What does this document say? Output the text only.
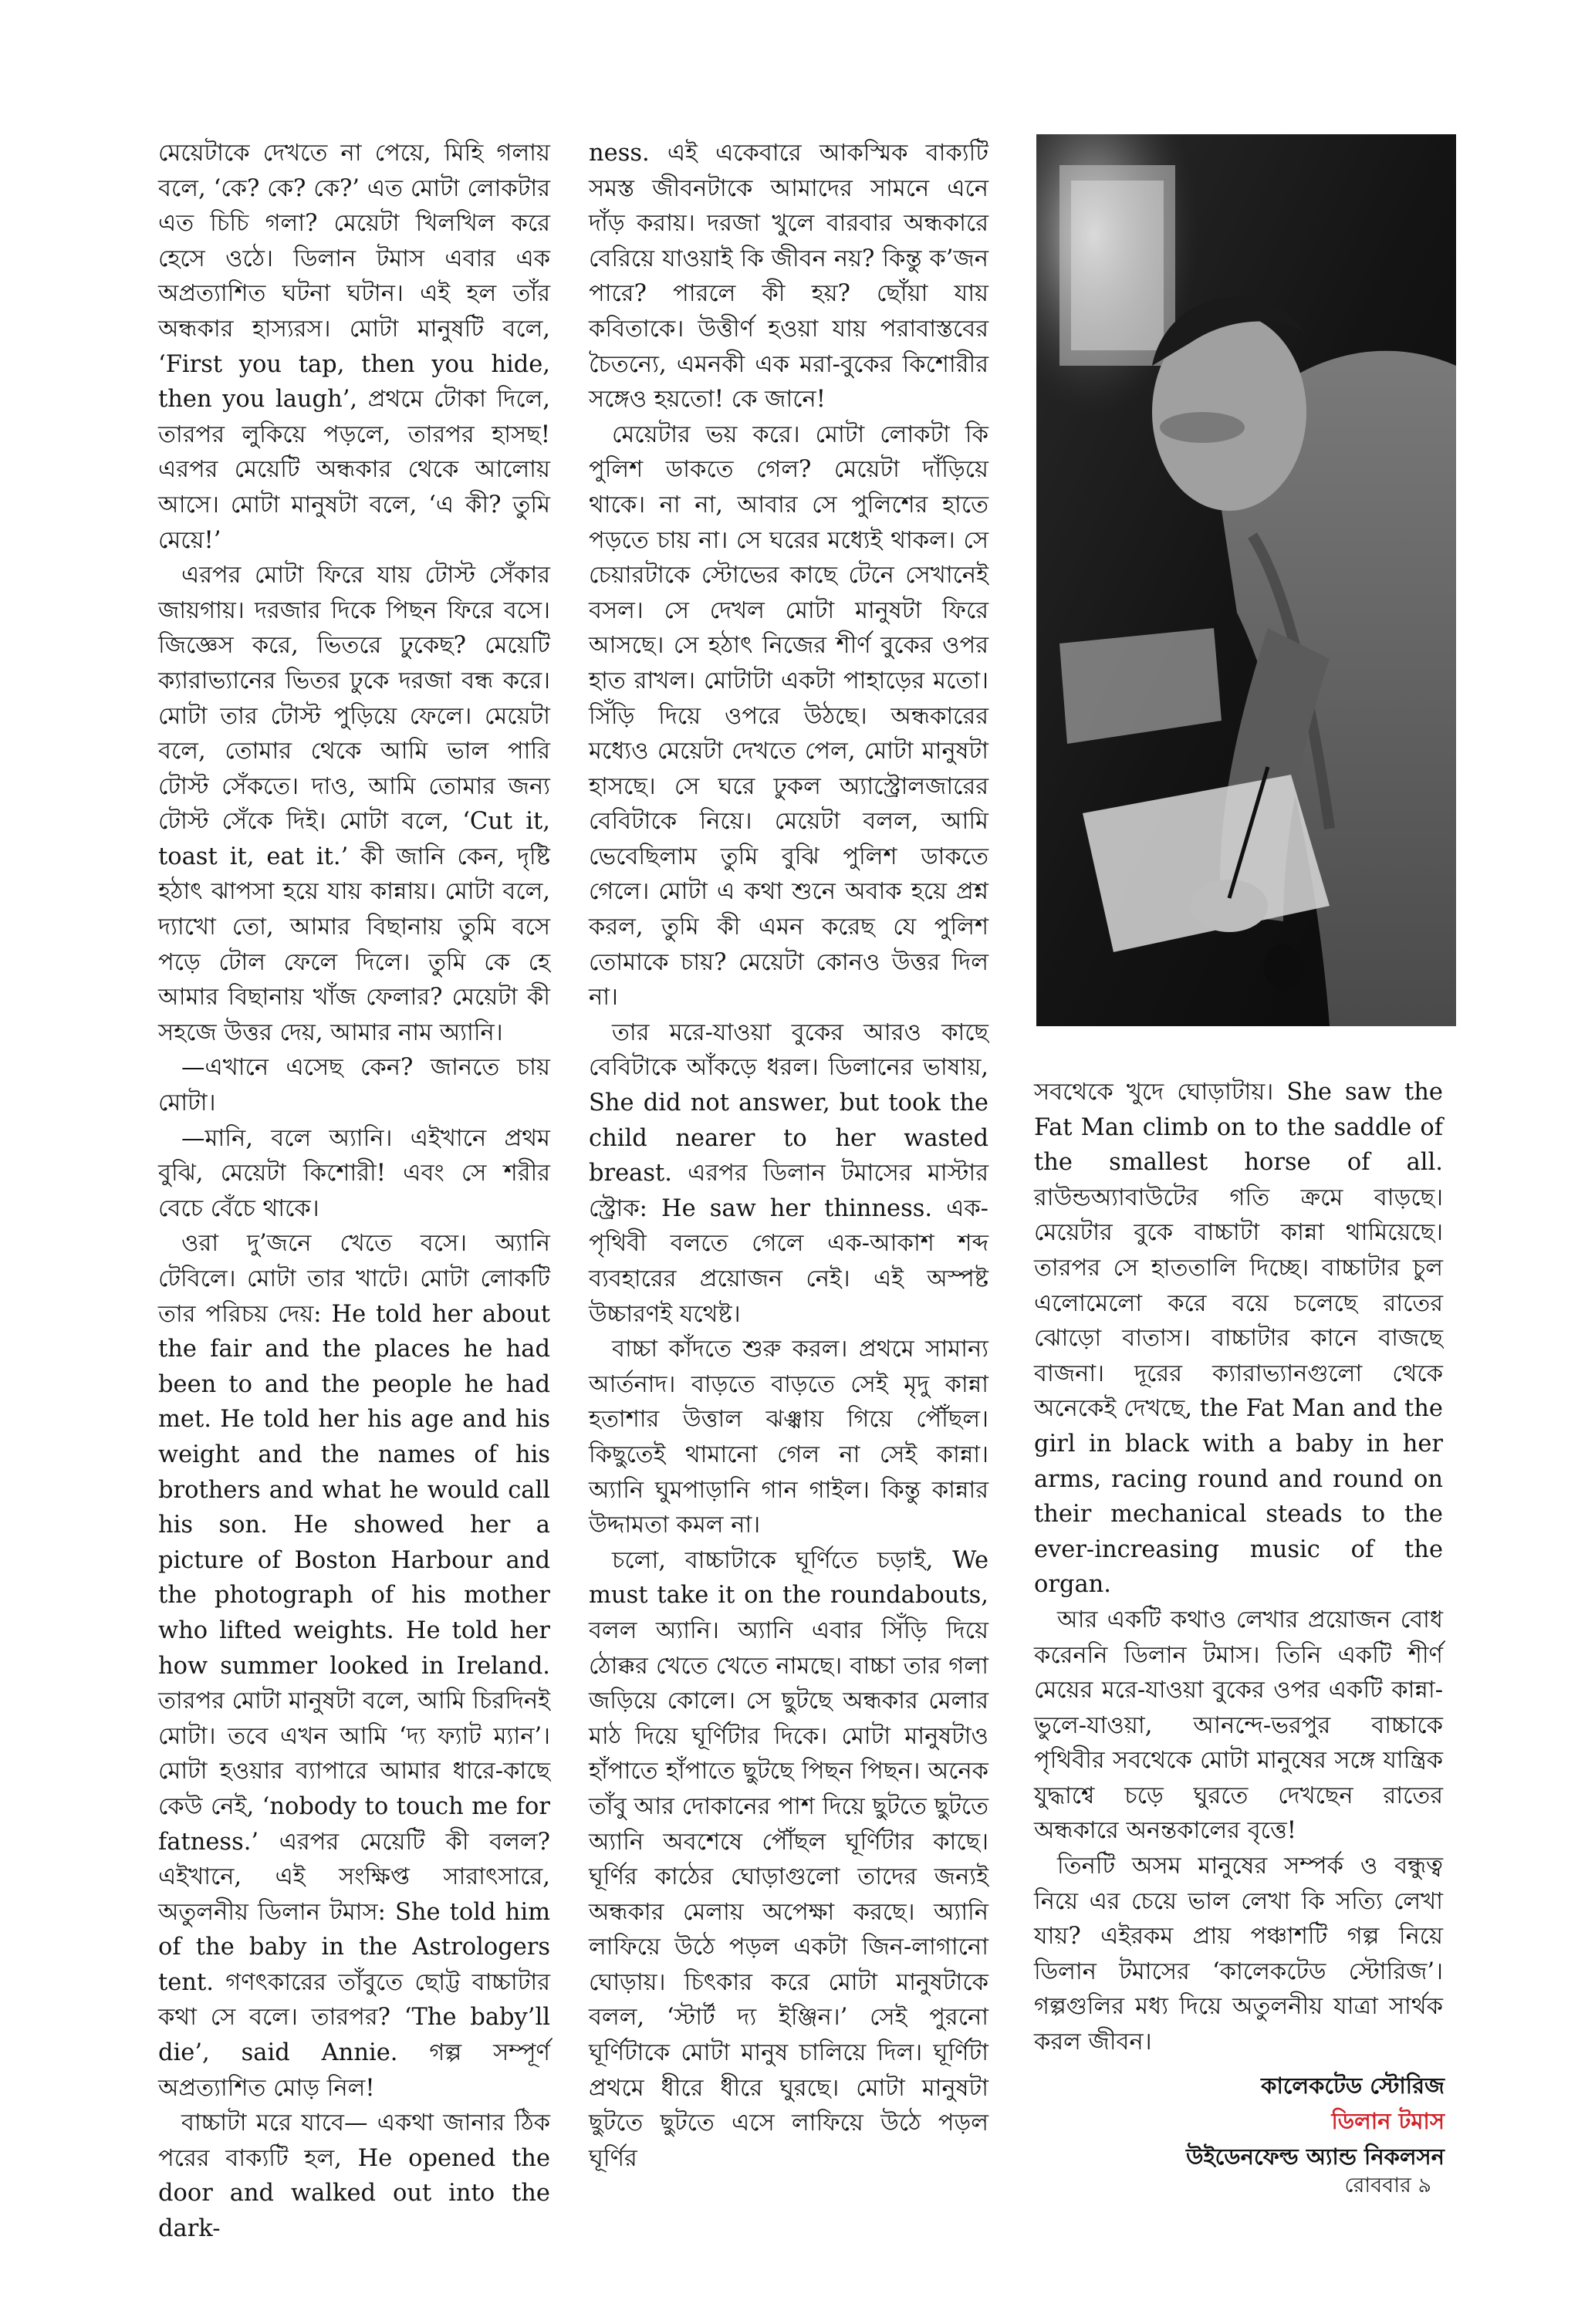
মেয়েটাকে দেখতে না পেয়ে, মিহি গলায় বলে, ‘কে? কে? কে?’ এত মোটা লোকটার এত চিচি গলা? মেয়েটা খিলখিল করে হেসে ওঠে। ডিলান টমাস এবার এক অপ্রত্যাশিত ঘটনা ঘটান। এই হল তাঁর অন্ধকার হাস্যরস। মোটা মানুষটি বলে, ‘First you tap, then you hide, then you laugh’, প্রথমে টোকা দিলে, তারপর লুকিয়ে পড়লে, তারপর হাসছ! এরপর মেয়েটি অন্ধকার থেকে আলোয় আসে। মোটা মানুষটা বলে, ‘এ কী? তুমি মেয়ে!’

এরপর মোটা ফিরে যায় টোস্ট সেঁকার জায়গায়। দরজার দিকে পিছন ফিরে বসে। জিজ্ঞেস করে, ভিতরে ঢুকেছ? মেয়েটি ক্যারাভ্যানের ভিতর ঢুকে দরজা বন্ধ করে। মোটা তার টোস্ট পুড়িয়ে ফেলে। মেয়েটা বলে, তোমার থেকে আমি ভাল পারি টোস্ট সেঁকতে। দাও, আমি তোমার জন্য টোস্ট সেঁকে দিই। মোটা বলে, ‘Cut it, toast it, eat it.’ কী জানি কেন, দৃষ্টি হঠাৎ ঝাপসা হয়ে যায় কান্নায়। মোটা বলে, দ্যাখো তো, আমার বিছানায় তুমি বসে পড়ে টোল ফেলে দিলে। তুমি কে হে আমার বিছানায় খাঁজ ফেলার? মেয়েটা কী সহজে উত্তর দেয়, আমার নাম অ্যানি।

—এখানে এসেছ কেন? জানতে চায় মোটা।

—মানি, বলে অ্যানি। এইখানে প্রথম বুঝি, মেয়েটা কিশোরী! এবং সে শরীর বেচে বেঁচে থাকে।

ওরা দু’জনে খেতে বসে। অ্যানি টেবিলে। মোটা তার খাটে। মোটা লোকটি তার পরিচয় দেয়: He told her about the fair and the places he had been to and the people he had met. He told her his age and his weight and the names of his brothers and what he would call his son. He showed her a picture of Boston Harbour and the photograph of his mother who lifted weights. He told her how summer looked in Ireland. তারপর মোটা মানুষটা বলে, আমি চিরদিনই মোটা। তবে এখন আমি ‘দ্য ফ্যাট ম্যান’। মোটা হওয়ার ব্যাপারে আমার ধারে-কাছে কেউ নেই, ‘nobody to touch me for fatness.’ এরপর মেয়েটি কী বলল? এইখানে, এই সংক্ষিপ্ত সারাৎসারে, অতুলনীয় ডিলান টমাস: She told him of the baby in the Astrologers tent. গণৎকারের তাঁবুতে ছোট্ট বাচ্চাটার কথা সে বলে। তারপর? ‘The baby’ll die’, said Annie. গল্প সম্পূর্ণ অপ্রত্যাশিত মোড় নিল!

বাচ্চাটা মরে যাবে— একথা জানার ঠিক পরের বাক্যটি হল, He opened the door and walked out into the dark-

ness. এই একেবারে আকস্মিক বাক্যটি সমস্ত জীবনটাকে আমাদের সামনে এনে দাঁড় করায়। দরজা খুলে বারবার অন্ধকারে বেরিয়ে যাওয়াই কি জীবন নয়? কিন্তু ক’জন পারে? পারলে কী হয়? ছোঁয়া যায় কবিতাকে। উত্তীর্ণ হওয়া যায় পরাবাস্তবের চৈতন্যে, এমনকী এক মরা-বুকের কিশোরীর সঙ্গেও হয়তো! কে জানে!

মেয়েটার ভয় করে। মোটা লোকটা কি পুলিশ ডাকতে গেল? মেয়েটা দাঁড়িয়ে থাকে। না না, আবার সে পুলিশের হাতে পড়তে চায় না। সে ঘরের মধ্যেই থাকল। সে চেয়ারটাকে স্টোভের কাছে টেনে সেখানেই বসল। সে দেখল মোটা মানুষটা ফিরে আসছে। সে হঠাৎ নিজের শীর্ণ বুকের ওপর হাত রাখল। মোটাটা একটা পাহাড়ের মতো। সিঁড়ি দিয়ে ওপরে উঠছে। অন্ধকারের মধ্যেও মেয়েটা দেখতে পেল, মোটা মানুষটা হাসছে। সে ঘরে ঢুকল অ্যাস্ট্রোলজারের বেবিটাকে নিয়ে। মেয়েটা বলল, আমি ভেবেছিলাম তুমি বুঝি পুলিশ ডাকতে গেলে। মোটা এ কথা শুনে অবাক হয়ে প্রশ্ন করল, তুমি কী এমন করেছ যে পুলিশ তোমাকে চায়? মেয়েটা কোনও উত্তর দিল না।

তার মরে-যাওয়া বুকের আরও কাছে বেবিটাকে আঁকড়ে ধরল। ডিলানের ভাষায়, She did not answer, but took the child nearer to her wasted breast. এরপর ডিলান টমাসের মাস্টার স্ট্রোক: He saw her thinness. এক-পৃথিবী বলতে গেলে এক-আকাশ শব্দ ব্যবহারের প্রয়োজন নেই। এই অস্পষ্ট উচ্চারণই যথেষ্ট।

বাচ্চা কাঁদতে শুরু করল। প্রথমে সামান্য আর্তনাদ। বাড়তে বাড়তে সেই মৃদু কান্না হতাশার উত্তাল ঝঞ্ঝায় গিয়ে পৌঁছল। কিছুতেই থামানো গেল না সেই কান্না। অ্যানি ঘুমপাড়ানি গান গাইল। কিন্তু কান্নার উদ্দামতা কমল না।

চলো, বাচ্চাটাকে ঘূর্ণিতে চড়াই, We must take it on the roundabouts, বলল অ্যানি। অ্যানি এবার সিঁড়ি দিয়ে ঠোক্কর খেতে খেতে নামছে। বাচ্চা তার গলা জড়িয়ে কোলে। সে ছুটছে অন্ধকার মেলার মাঠ দিয়ে ঘূর্ণিটার দিকে। মোটা মানুষটাও হাঁপাতে হাঁপাতে ছুটছে পিছন পিছন। অনেক তাঁবু আর দোকানের পাশ দিয়ে ছুটতে ছুটতে অ্যানি অবশেষে পৌঁছল ঘূর্ণিটার কাছে। ঘূর্ণির কাঠের ঘোড়াগুলো তাদের জন্যই অন্ধকার মেলায় অপেক্ষা করছে। অ্যানি লাফিয়ে উঠে পড়ল একটা জিন-লাগানো ঘোড়ায়। চিৎকার করে মোটা মানুষটাকে বলল, ‘স্টার্ট দ্য ইঞ্জিন।’ সেই পুরনো ঘূর্ণিটাকে মোটা মানুষ চালিয়ে দিল। ঘূর্ণিটা প্রথমে ধীরে ধীরে ঘুরছে। মোটা মানুষটা ছুটতে ছুটতে এসে লাফিয়ে উঠে পড়ল ঘূর্ণির

সবথেকে খুদে ঘোড়াটায়। She saw the Fat Man climb on to the saddle of the smallest horse of all. রাউন্ডঅ্যাবাউটের গতি ক্রমে বাড়ছে। মেয়েটার বুকে বাচ্চাটা কান্না থামিয়েছে। তারপর সে হাততালি দিচ্ছে। বাচ্চাটার চুল এলোমেলো করে বয়ে চলেছে রাতের ঝোড়ো বাতাস। বাচ্চাটার কানে বাজছে বাজনা। দূরের ক্যারাভ্যানগুলো থেকে অনেকেই দেখছে, the Fat Man and the girl in black with a baby in her arms, racing round and round on their mechanical steads to the ever-increasing music of the organ.

আর একটি কথাও লেখার প্রয়োজন বোধ করেননি ডিলান টমাস। তিনি একটি শীর্ণ মেয়ের মরে-যাওয়া বুকের ওপর একটি কান্না-ভুলে-যাওয়া, আনন্দে-ভরপুর বাচ্চাকে পৃথিবীর সবথেকে মোটা মানুষের সঙ্গে যান্ত্রিক যুদ্ধাশ্বে চড়ে ঘুরতে দেখছেন রাতের অন্ধকারে অনন্তকালের বৃত্তে!

তিনটি অসম মানুষের সম্পর্ক ও বন্ধুত্ব নিয়ে এর চেয়ে ভাল লেখা কি সত্যি লেখা যায়? এইরকম প্রায় পঞ্চাশটি গল্প নিয়ে ডিলান টমাসের ‘কালেকটেড স্টোরিজ’। গল্পগুলির মধ্য দিয়ে অতুলনীয় যাত্রা সার্থক করল জীবন।

কালেকটেড স্টোরিজ
ডিলান টমাস
উইডেনফেল্ড অ্যান্ড নিকলসন
রোববার ৯
